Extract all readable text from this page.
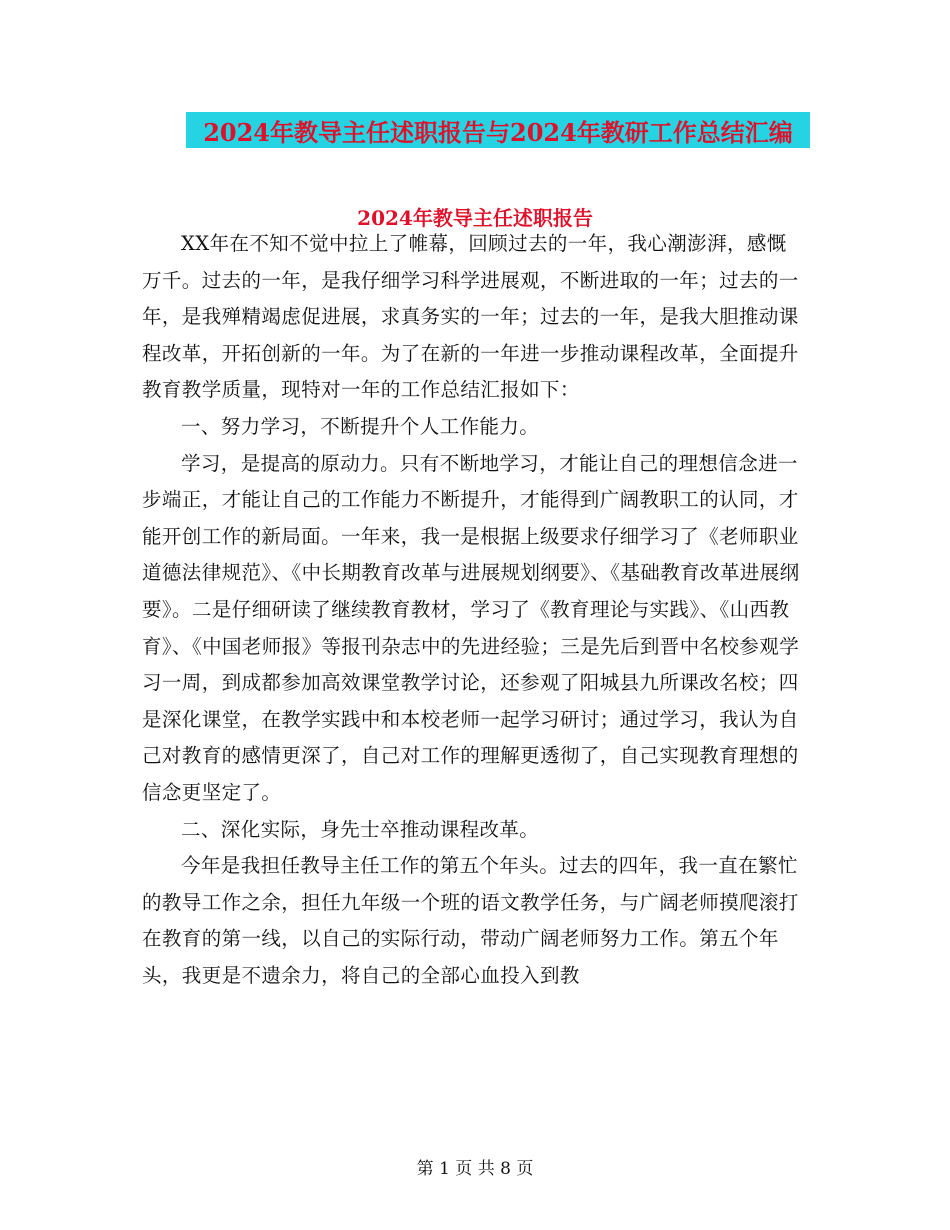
2024年教导主任述职报告与2024年教研工作总结汇编
2024年教导主任述职报告

XX年在不知不觉中拉上了帷幕，回顾过去的一年，我心潮澎湃，感慨万千。过去的一年，是我仔细学习科学进展观，不断进取的一年；过去的一年，是我殚精竭虑促进展，求真务实的一年；过去的一年，是我大胆推动课程改革，开拓创新的一年。为了在新的一年进一步推动课程改革，全面提升教育教学质量，现特对一年的工作总结汇报如下：

一、努力学习，不断提升个人工作能力。

学习，是提高的原动力。只有不断地学习，才能让自己的理想信念进一步端正，才能让自己的工作能力不断提升，才能得到广阔教职工的认同，才能开创工作的新局面。一年来，我一是根据上级要求仔细学习了《老师职业道德法律规范》、《中长期教育改革与进展规划纲要》、《基础教育改革进展纲要》。二是仔细研读了继续教育教材，学习了《教育理论与实践》、《山西教育》、《中国老师报》等报刊杂志中的先进经验；三是先后到晋中名校参观学习一周，到成都参加高效课堂教学讨论，还参观了阳城县九所课改名校；四是深化课堂，在教学实践中和本校老师一起学习研讨；通过学习，我认为自己对教育的感情更深了，自己对工作的理解更透彻了，自己实现教育理想的信念更坚定了。

二、深化实际，身先士卒推动课程改革。

今年是我担任教导主任工作的第五个年头。过去的四年，我一直在繁忙的教导工作之余，担任九年级一个班的语文教学任务，与广阔老师摸爬滚打在教育的第一线，以自己的实际行动，带动广阔老师努力工作。第五个年头，我更是不遗余力，将自己的全部心血投入到教

第 1 页 共 8 页
